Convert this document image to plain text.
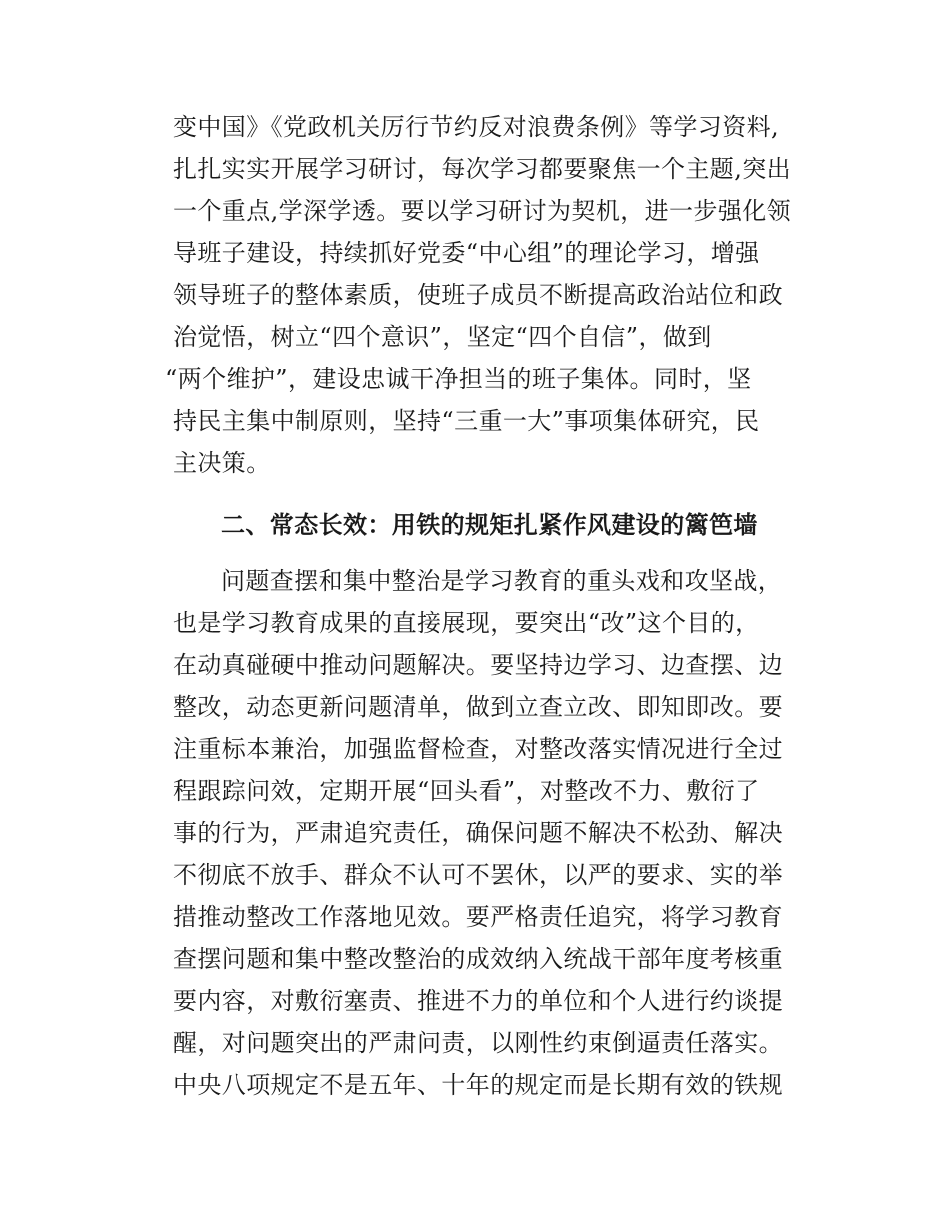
变中国》《党政机关厉行节约反对浪费条例》等学习资料,
扎扎实实开展学习研讨，每次学习都要聚焦一个主题,突出
一个重点,学深学透。要以学习研讨为契机，进一步强化领
导班子建设，持续抓好党委“中心组”的理论学习，增强
领导班子的整体素质，使班子成员不断提高政治站位和政
治觉悟，树立“四个意识”，坚定“四个自信”，做到
“两个维护”，建设忠诚干净担当的班子集体。同时，坚
持民主集中制原则，坚持“三重一大”事项集体研究，民
主决策。
二、常态长效：用铁的规矩扎紧作风建设的篱笆墙
问题查摆和集中整治是学习教育的重头戏和攻坚战，
也是学习教育成果的直接展现，要突出“改”这个目的，
在动真碰硬中推动问题解决。要坚持边学习、边查摆、边
整改，动态更新问题清单，做到立查立改、即知即改。要
注重标本兼治，加强监督检查，对整改落实情况进行全过
程跟踪问效，定期开展“回头看”，对整改不力、敷衍了
事的行为，严肃追究责任，确保问题不解决不松劲、解决
不彻底不放手、群众不认可不罢休，以严的要求、实的举
措推动整改工作落地见效。要严格责任追究，将学习教育
查摆问题和集中整改整治的成效纳入统战干部年度考核重
要内容，对敷衍塞责、推进不力的单位和个人进行约谈提
醒，对问题突出的严肃问责，以刚性约束倒逼责任落实。
中央八项规定不是五年、十年的规定而是长期有效的铁规
